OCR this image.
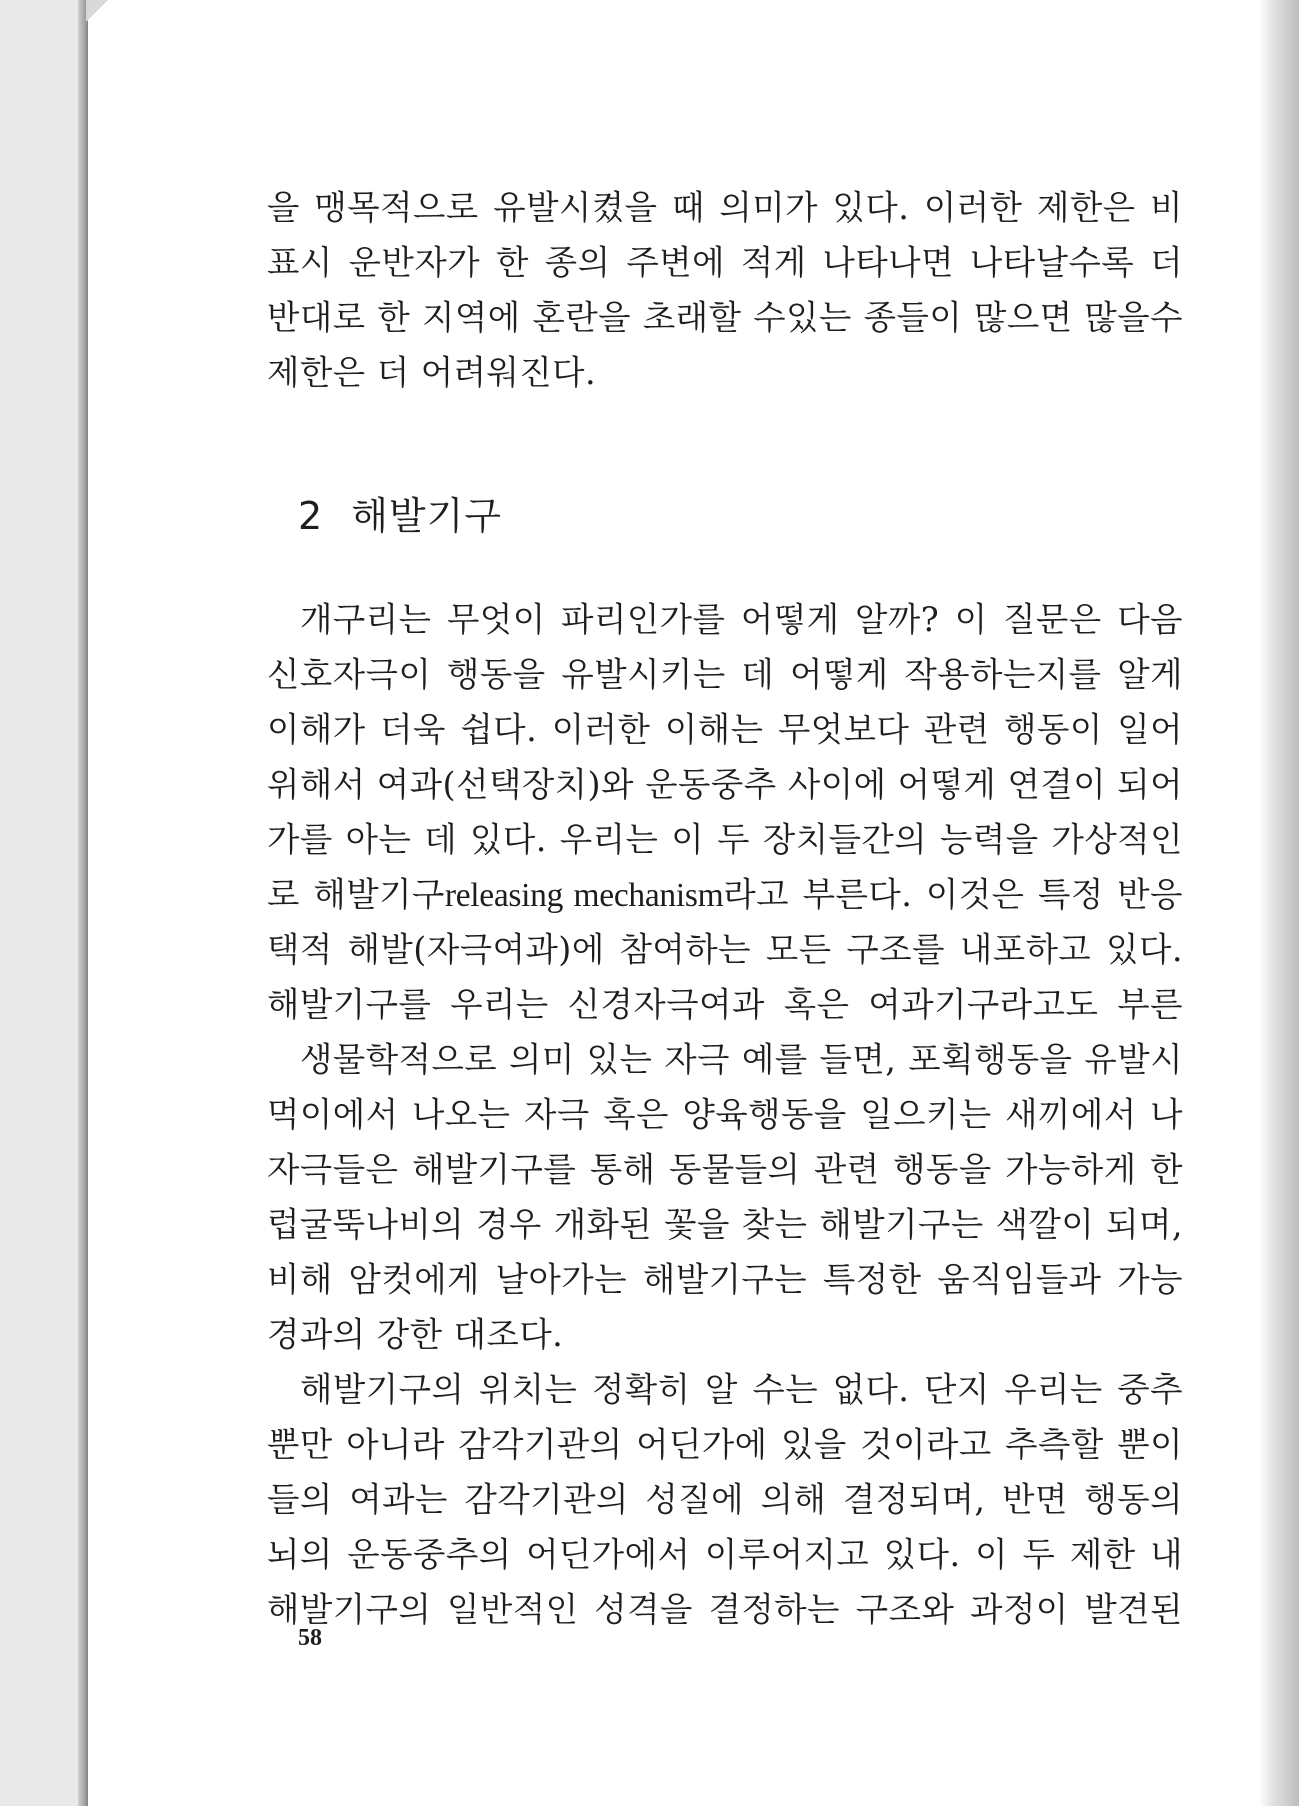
을 맹목적으로 유발시켰을 때 의미가 있다. 이러한 제한은 비
표시 운반자가 한 종의 주변에 적게 나타나면 나타날수록 더
반대로 한 지역에 혼란을 초래할 수있는 종들이 많으면 많을수
제한은 더 어려워진다.
2 해발기구
개구리는 무엇이 파리인가를 어떻게 알까? 이 질문은 다음
신호자극이 행동을 유발시키는 데 어떻게 작용하는지를 알게
이해가 더욱 쉽다. 이러한 이해는 무엇보다 관련 행동이 일어
위해서 여과(선택장치)와 운동중추 사이에 어떻게 연결이 되어
가를 아는 데 있다. 우리는 이 두 장치들간의 능력을 가상적인
로 해발기구releasing mechanism라고 부른다. 이것은 특정 반응
택적 해발(자극여과)에 참여하는 모든 구조를 내포하고 있다.
해발기구를 우리는 신경자극여과 혹은 여과기구라고도 부른
생물학적으로 의미 있는 자극 예를 들면, 포획행동을 유발시
먹이에서 나오는 자극 혹은 양육행동을 일으키는 새끼에서 나
자극들은 해발기구를 통해 동물들의 관련 행동을 가능하게 한
럽굴뚝나비의 경우 개화된 꽃을 찾는 해발기구는 색깔이 되며,
비해 암컷에게 날아가는 해발기구는 특정한 움직임들과 가능
경과의 강한 대조다.
해발기구의 위치는 정확히 알 수는 없다. 단지 우리는 중추
뿐만 아니라 감각기관의 어딘가에 있을 것이라고 추측할 뿐이
들의 여과는 감각기관의 성질에 의해 결정되며, 반면 행동의
뇌의 운동중추의 어딘가에서 이루어지고 있다. 이 두 제한 내
해발기구의 일반적인 성격을 결정하는 구조와 과정이 발견된
58
